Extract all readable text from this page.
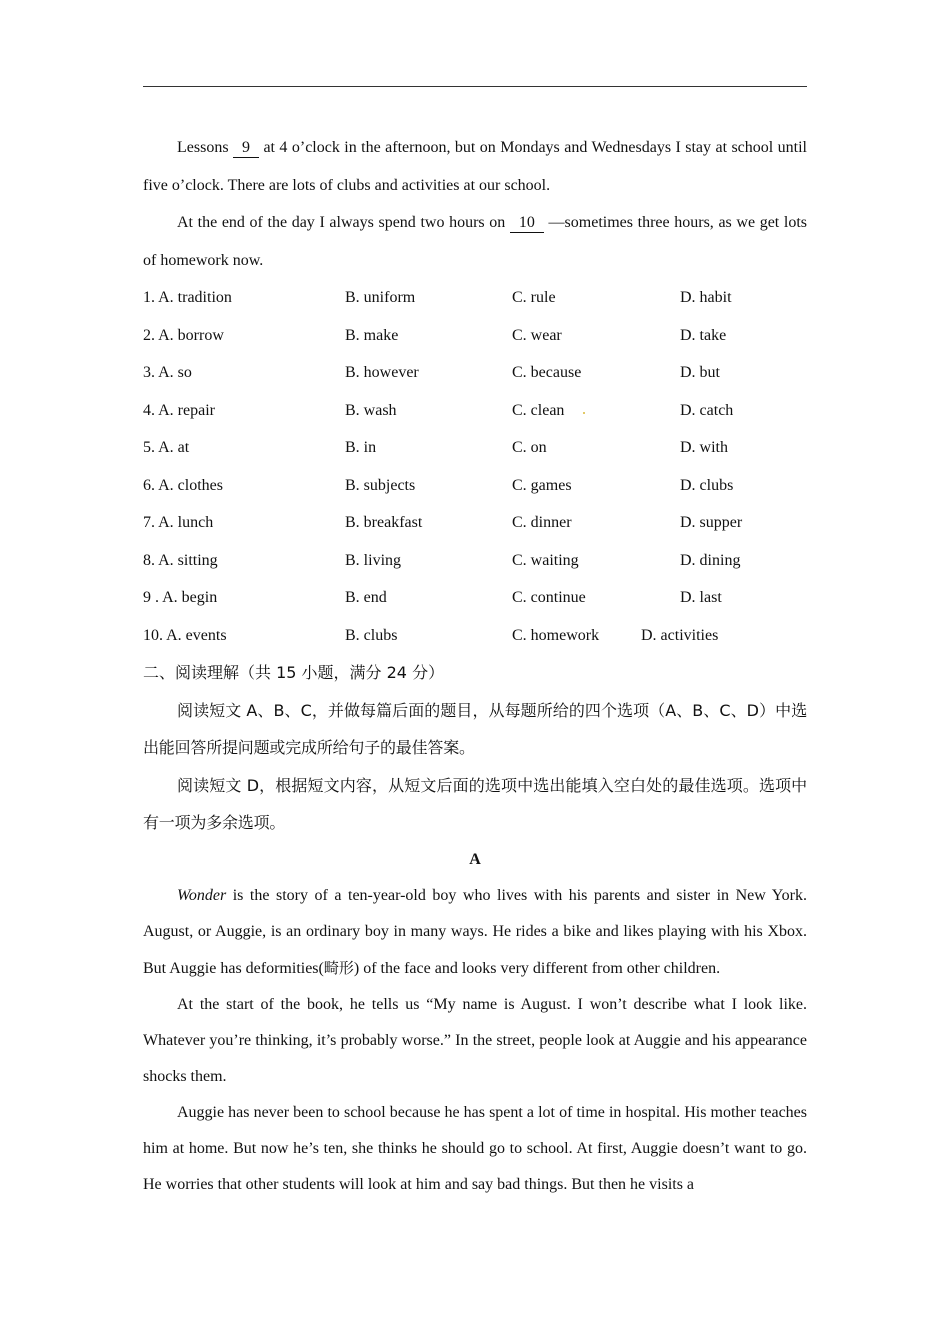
Lessons 9 at 4 o’clock in the afternoon, but on Mondays and Wednesdays I stay at school until five o’clock. There are lots of clubs and activities at our school.

At the end of the day I always spend two hours on 10 —sometimes three hours, as we get lots of homework now.

1. A. tradition	B. uniform	C. rule	D. habit
2. A. borrow	B. make	C. wear	D. take
3. A. so	B. however	C. because	D. but
4. A. repair	B. wash	C. clean	D. catch
5. A. at	B. in	C. on	D. with
6. A. clothes	B. subjects	C. games	D. clubs
7. A. lunch	B. breakfast	C. dinner	D. supper
8. A. sitting	B. living	C. waiting	D. dining
9 . A. begin	B. end	C. continue	D. last
10. A. events	B. clubs	C. homework	D. activities

二、阅读理解（共 15 小题，满分 24 分）

阅读短文 A、B、C，并做每篇后面的题目，从每题所给的四个选项（A、B、C、D）中选出能回答所提问题或完成所给句子的最佳答案。

阅读短文 D，根据短文内容，从短文后面的选项中选出能填入空白处的最佳选项。选项中有一项为多余选项。

A

Wonder is the story of a ten-year-old boy who lives with his parents and sister in New York. August, or Auggie, is an ordinary boy in many ways. He rides a bike and likes playing with his Xbox. But Auggie has deformities(畸形) of the face and looks very different from other children.

At the start of the book, he tells us “My name is August. I won’t describe what I look like. Whatever you’re thinking, it’s probably worse.” In the street, people look at Auggie and his appearance shocks them.

Auggie has never been to school because he has spent a lot of time in hospital. His mother teaches him at home. But now he’s ten, she thinks he should go to school. At first, Auggie doesn’t want to go. He worries that other students will look at him and say bad things. But then he visits a
